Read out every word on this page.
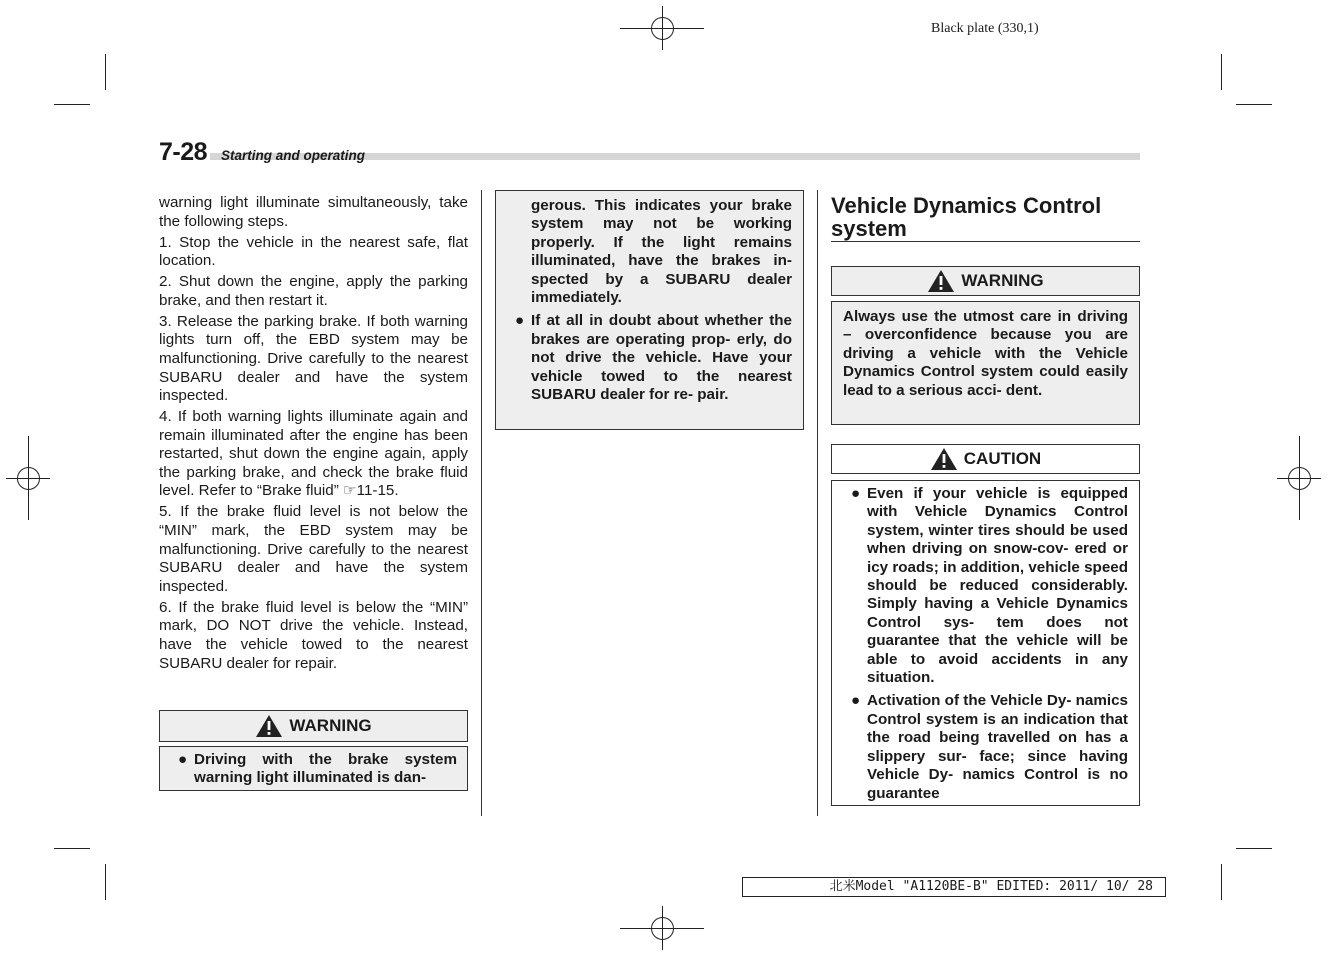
Black plate (330,1)
7-28 Starting and operating

warning light illuminate simultaneously, take the following steps.

1. Stop the vehicle in the nearest safe, flat location.

2. Shut down the engine, apply the parking brake, and then restart it.

3. Release the parking brake. If both warning lights turn off, the EBD system may be malfunctioning. Drive carefully to the nearest SUBARU dealer and have the system inspected.

4. If both warning lights illuminate again and remain illuminated after the engine has been restarted, shut down the engine again, apply the parking brake, and check the brake fluid level. Refer to “Brake fluid” ☞11-15.

5. If the brake fluid level is not below the “MIN” mark, the EBD system may be malfunctioning. Drive carefully to the nearest SUBARU dealer and have the system inspected.

6. If the brake fluid level is below the “MIN” mark, DO NOT drive the vehicle. Instead, have the vehicle towed to the nearest SUBARU dealer for repair.

WARNING
● Driving with the brake system warning light illuminated is dan-
gerous. This indicates your brake system may not be working properly. If the light remains illuminated, have the brakes in- spected by a SUBARU dealer immediately.
● If at all in doubt about whether the brakes are operating prop- erly, do not drive the vehicle. Have your vehicle towed to the nearest SUBARU dealer for re- pair.
Vehicle Dynamics Control system
WARNING
Always use the utmost care in driving – overconfidence because you are driving a vehicle with the Vehicle Dynamics Control system could easily lead to a serious acci- dent.
CAUTION
● Even if your vehicle is equipped with Vehicle Dynamics Control system, winter tires should be used when driving on snow-cov- ered or icy roads; in addition, vehicle speed should be reduced considerably. Simply having a Vehicle Dynamics Control sys- tem does not guarantee that the vehicle will be able to avoid accidents in any situation.
● Activation of the Vehicle Dy- namics Control system is an indication that the road being travelled on has a slippery sur- face; since having Vehicle Dy- namics Control is no guarantee
北米Model "A1120BE-B" EDITED: 2011/ 10/ 28
